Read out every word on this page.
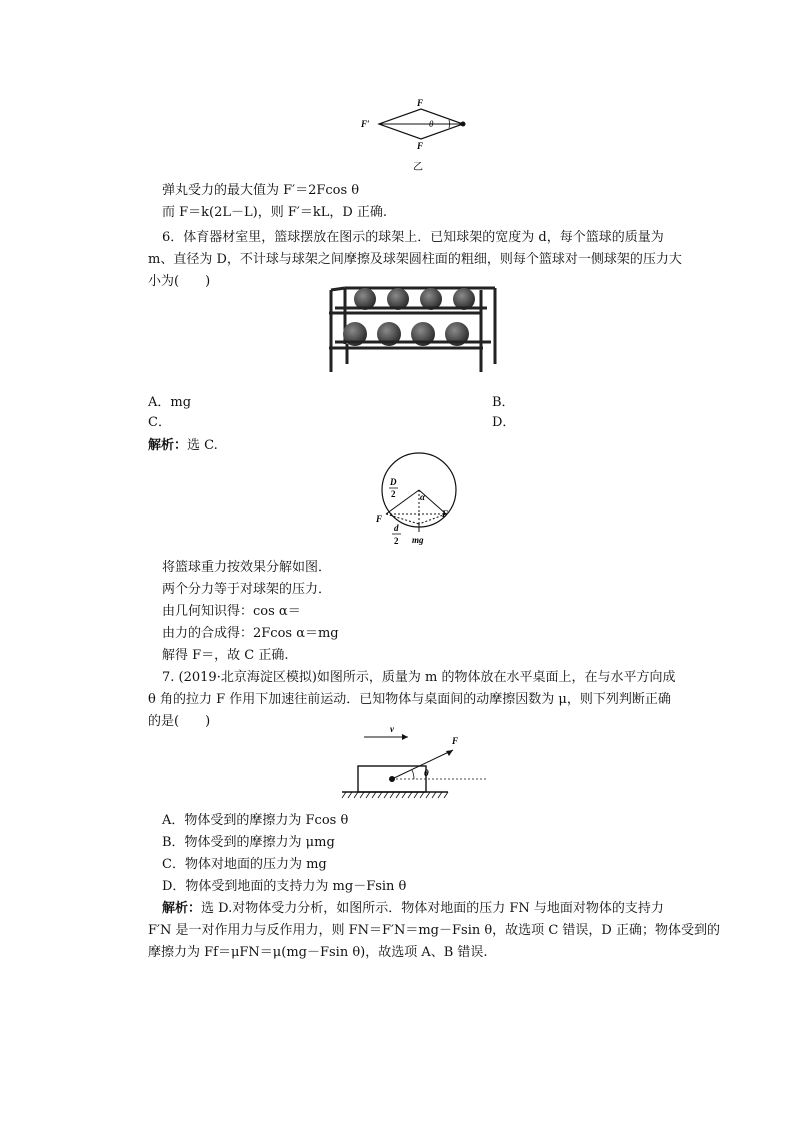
F
F
F′	θ
乙
弹丸受力的最大值为 F′＝2Fcos θ
而 F＝k(2L－L)，则 F′＝kL，D 正确.
6．体育器材室里，篮球摆放在图示的球架上．已知球架的宽度为 d，每个篮球的质量为
m、直径为 D，不计球与球架之间摩擦及球架圆柱面的粗细，则每个篮球对一侧球架的压力大
小为(　　)
A．mg	B．
C．	D．
解析：选 C.
D
2	α
F	F
d
2 mg
将篮球重力按效果分解如图．
两个分力等于对球架的压力．
由几何知识得：cos α＝
由力的合成得：2Fcos α＝mg
解得 F＝，故 C 正确.
7. (2019·北京海淀区模拟)如图所示，质量为 m 的物体放在水平桌面上，在与水平方向成
θ 角的拉力 F 作用下加速往前运动．已知物体与桌面间的动摩擦因数为 μ，则下列判断正确
的是(　　)	v
F
θ
A．物体受到的摩擦力为 Fcos θ
B．物体受到的摩擦力为 μmg
C．物体对地面的压力为 mg
D．物体受到地面的支持力为 mg－Fsin θ
解析：选 D.对物体受力分析，如图所示．物体对地面的压力 FN 与地面对物体的支持力
F′N 是一对作用力与反作用力，则 FN＝F′N＝mg－Fsin θ，故选项 C 错误，D 正确；物体受到的
摩擦力为 Ff＝μFN＝μ(mg－Fsin θ)，故选项 A、B 错误.
